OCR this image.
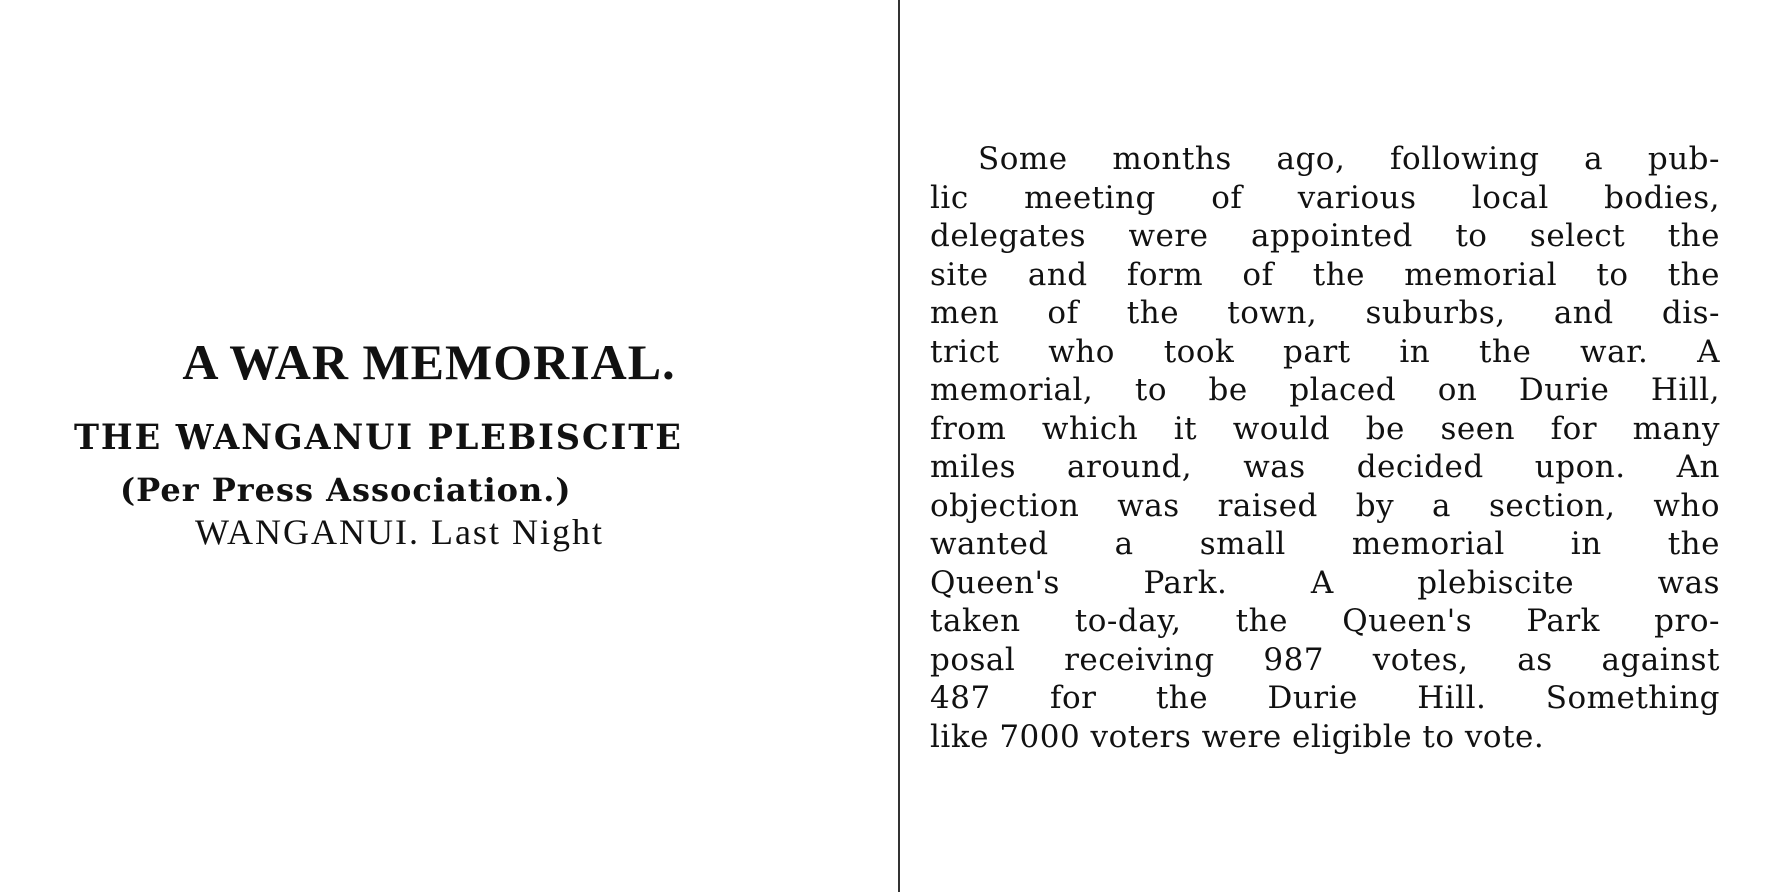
A WAR MEMORIAL.
THE WANGANUI PLEBISCITE
(Per Press Association.)
WANGANUI. Last Night
Some months ago, following a pub-
lic meeting of various local bodies,
delegates were appointed to select the
site and form of the memorial to the
men of the town, suburbs, and dis-
trict who took part in the war. A
memorial, to be placed on Durie Hill,
from which it would be seen for many
miles around, was decided upon. An
objection was raised by a section, who
wanted a small memorial in the
Queen's Park. A plebiscite was
taken to-day, the Queen's Park pro-
posal receiving 987 votes, as against
487 for the Durie Hill. Something
like 7000 voters were eligible to vote.
